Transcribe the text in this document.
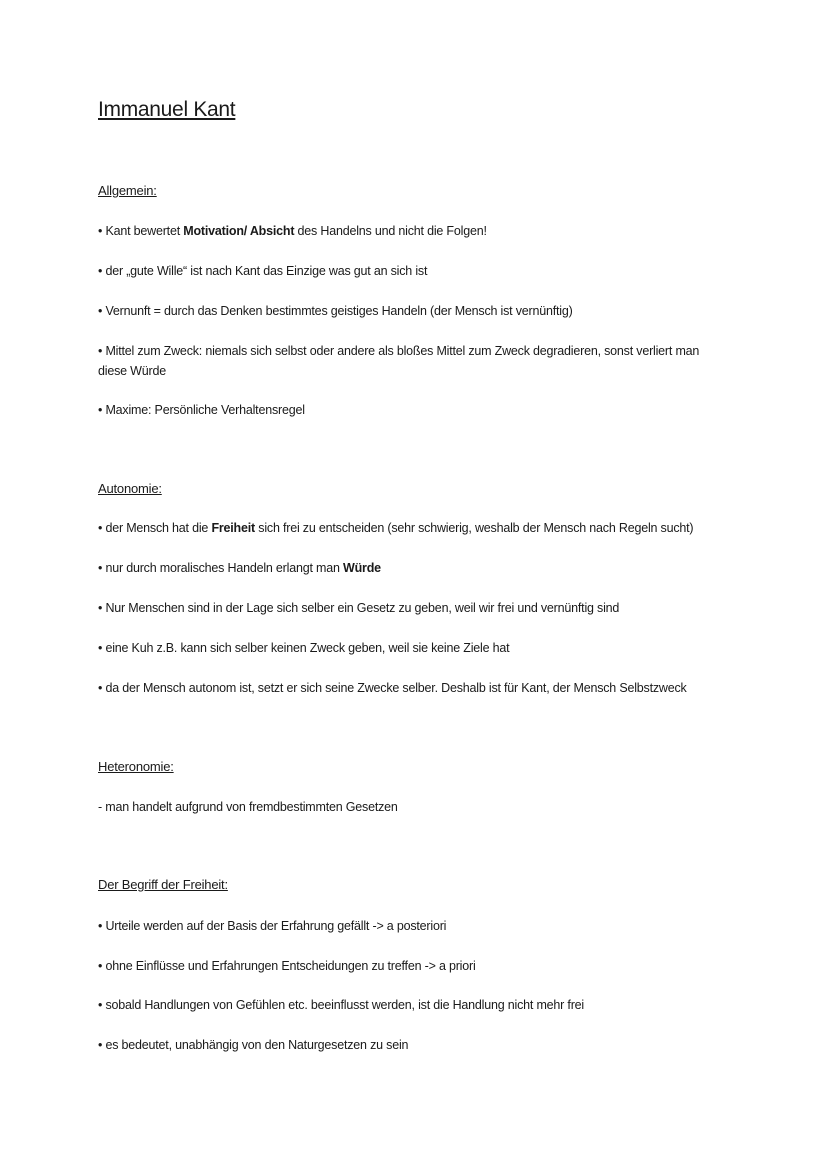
Immanuel Kant
Allgemein:

• Kant bewertet Motivation/ Absicht des Handelns und nicht die Folgen!

• der „gute Wille“ ist nach Kant das Einzige was gut an sich ist

• Vernunft = durch das Denken bestimmtes geistiges Handeln (der Mensch ist vernünftig)

• Mittel zum Zweck: niemals sich selbst oder andere als bloßes Mittel zum Zweck degradieren, sonst verliert man diese Würde

• Maxime: Persönliche Verhaltensregel

Autonomie:

• der Mensch hat die Freiheit sich frei zu entscheiden (sehr schwierig, weshalb der Mensch nach Regeln sucht)

• nur durch moralisches Handeln erlangt man Würde

• Nur Menschen sind in der Lage sich selber ein Gesetz zu geben, weil wir frei und vernünftig sind

• eine Kuh z.B. kann sich selber keinen Zweck geben, weil sie keine Ziele hat

• da der Mensch autonom ist, setzt er sich seine Zwecke selber. Deshalb ist für Kant, der Mensch Selbstzweck

Heteronomie:

- man handelt aufgrund von fremdbestimmten Gesetzen

Der Begriff der Freiheit:

• Urteile werden auf der Basis der Erfahrung gefällt -> a posteriori

• ohne Einflüsse und Erfahrungen Entscheidungen zu treffen -> a priori

• sobald Handlungen von Gefühlen etc. beeinflusst werden, ist die Handlung nicht mehr frei

• es bedeutet, unabhängig von den Naturgesetzen zu sein
